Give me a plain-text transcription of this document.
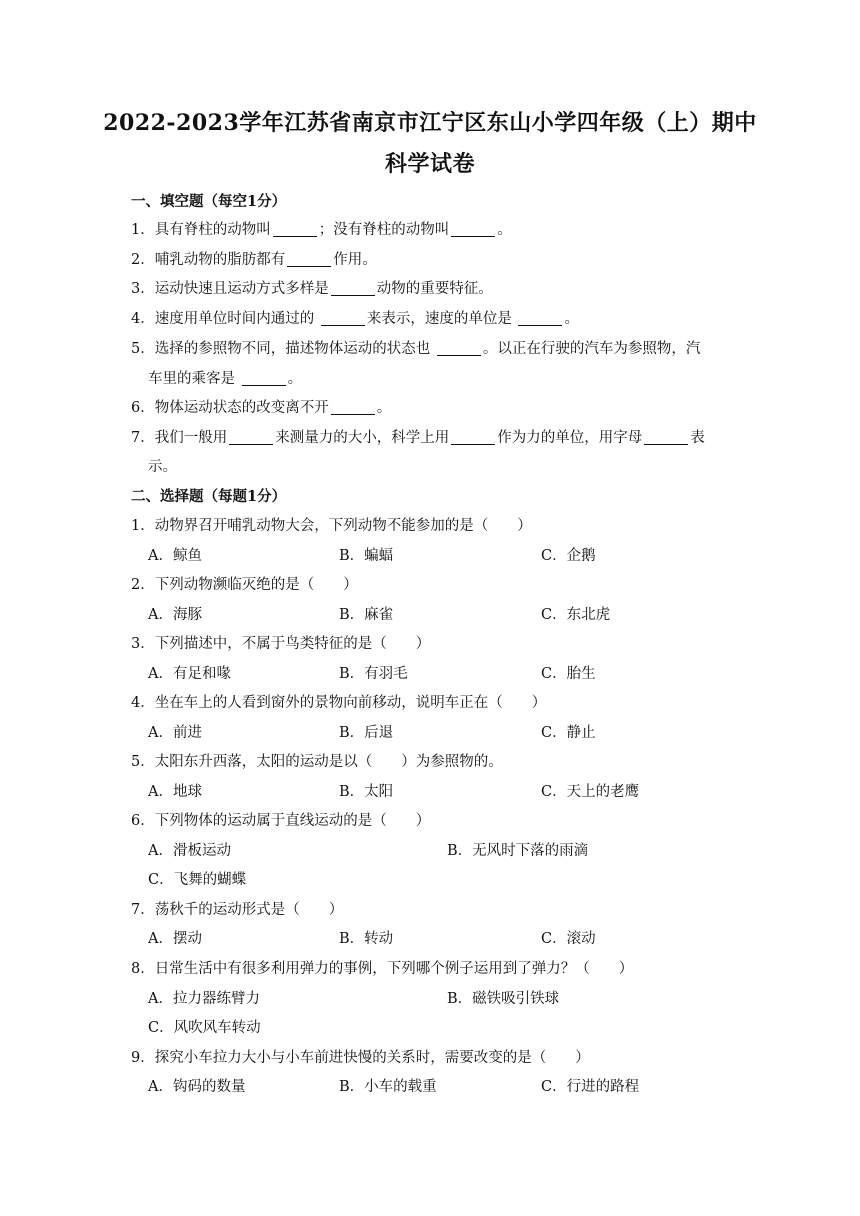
2022-2023学年江苏省南京市江宁区东山小学四年级（上）期中
科学试卷
一、填空题（每空1分）
1．具有脊柱的动物叫	；没有脊柱的动物叫	。
2．哺乳动物的脂肪都有	作用。
3．运动快速且运动方式多样是	动物的重要特征。
4．速度用单位时间内通过的	来表示，速度的单位是	。
5．选择的参照物不同，描述物体运动的状态也	。以正在行驶的汽车为参照物，汽
车里的乘客是	。
6．物体运动状态的改变离不开	。
7．我们一般用	来测量力的大小，科学上用	作为力的单位，用字母	表
示。
二、选择题（每题1分）
1．动物界召开哺乳动物大会，下列动物不能参加的是（　　）
A．鲸鱼	B．蝙蝠	C．企鹅
2．下列动物濒临灭绝的是（　　）
A．海豚	B．麻雀	C．东北虎
3．下列描述中，不属于鸟类特征的是（　　）
A．有足和喙	B．有羽毛	C．胎生
4．坐在车上的人看到窗外的景物向前移动，说明车正在（　　）
A．前进	B．后退	C．静止
5．太阳东升西落，太阳的运动是以（　　）为参照物的。
A．地球	B．太阳	C．天上的老鹰
6．下列物体的运动属于直线运动的是（　　）
A．滑板运动	B．无风时下落的雨滴
C．飞舞的蝴蝶
7．荡秋千的运动形式是（　　）
A．摆动	B．转动	C．滚动
8．日常生活中有很多利用弹力的事例，下列哪个例子运用到了弹力？（　　）
A．拉力器练臂力	B．磁铁吸引铁球
C．风吹风车转动
9．探究小车拉力大小与小车前进快慢的关系时，需要改变的是（　　）
A．钩码的数量	B．小车的载重	C．行进的路程
